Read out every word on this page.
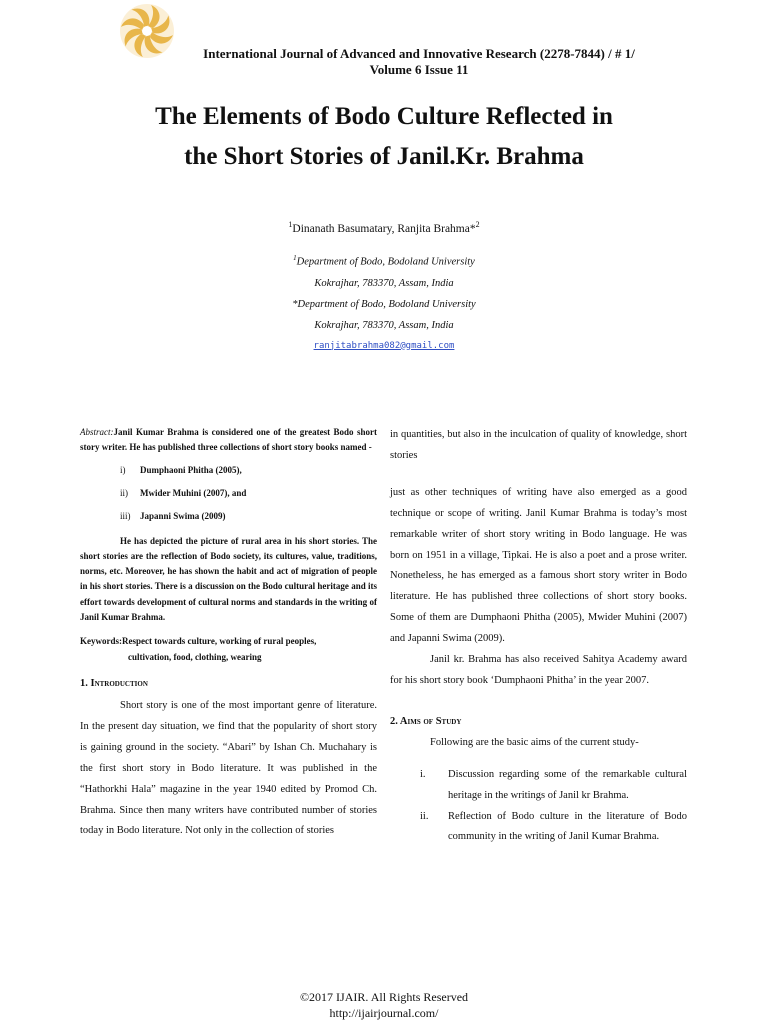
International Journal of Advanced and Innovative Research (2278-7844) / # 1/
Volume 6 Issue 11
The Elements of Bodo Culture Reflected in
the Short Stories of Janil.Kr. Brahma
$^1$Dinanath Basumatary, Ranjita Brahma*$^2$
$^1$Department of Bodo, Bodoland University
Kokrajhar, 783370, Assam, India
*Department of Bodo, Bodoland University
Kokrajhar, 783370, Assam, India
ranjitabrahma082@gmail.com

Abstract:Janil Kumar Brahma is considered one of the greatest Bodo short story writer. He has published three collections of short story books named -

i) Dumphaoni Phitha (2005),
ii) Mwider Muhini (2007), and
iii) Japanni Swima (2009)

He has depicted the picture of rural area in his short stories. The short stories are the reflection of Bodo society, its cultures, value, traditions, norms, etc. Moreover, he has shown the habit and act of migration of people in his short stories. There is a discussion on the Bodo cultural heritage and its effort towards development of cultural norms and standards in the writing of Janil Kumar Brahma.

Keywords:Respect towards culture, working of rural peoples,
cultivation, food, clothing, wearing

1. Introduction

Short story is one of the most important genre of literature. In the present day situation, we find that the popularity of short story is gaining ground in the society. “Abari” by Ishan Ch. Muchahary is the first short story in Bodo literature. It was published in the “Hathorkhi Hala” magazine in the year 1940 edited by Promod Ch. Brahma. Since then many writers have contributed number of stories today in Bodo literature. Not only in the collection of stories

in quantities, but also in the inculcation of quality of knowledge, short stories

just as other techniques of writing have also emerged as a good technique or scope of writing. Janil Kumar Brahma is today’s most remarkable writer of short story writing in Bodo language. He was born on 1951 in a village, Tipkai. He is also a poet and a prose writer. Nonetheless, he has emerged as a famous short story writer in Bodo literature. He has published three collections of short story books. Some of them are Dumphaoni Phitha (2005), Mwider Muhini (2007) and Japanni Swima (2009).

Janil kr. Brahma has also received Sahitya Academy award for his short story book ‘Dumphaoni Phitha’ in the year 2007.

2. Aims of Study

Following are the basic aims of the current study-

i. Discussion regarding some of the remarkable cultural heritage in the writings of Janil kr Brahma.
ii. Reflection of Bodo culture in the literature of Bodo community in the writing of Janil Kumar Brahma.
©2017 IJAIR. All Rights Reserved
http://ijairjournal.com/
